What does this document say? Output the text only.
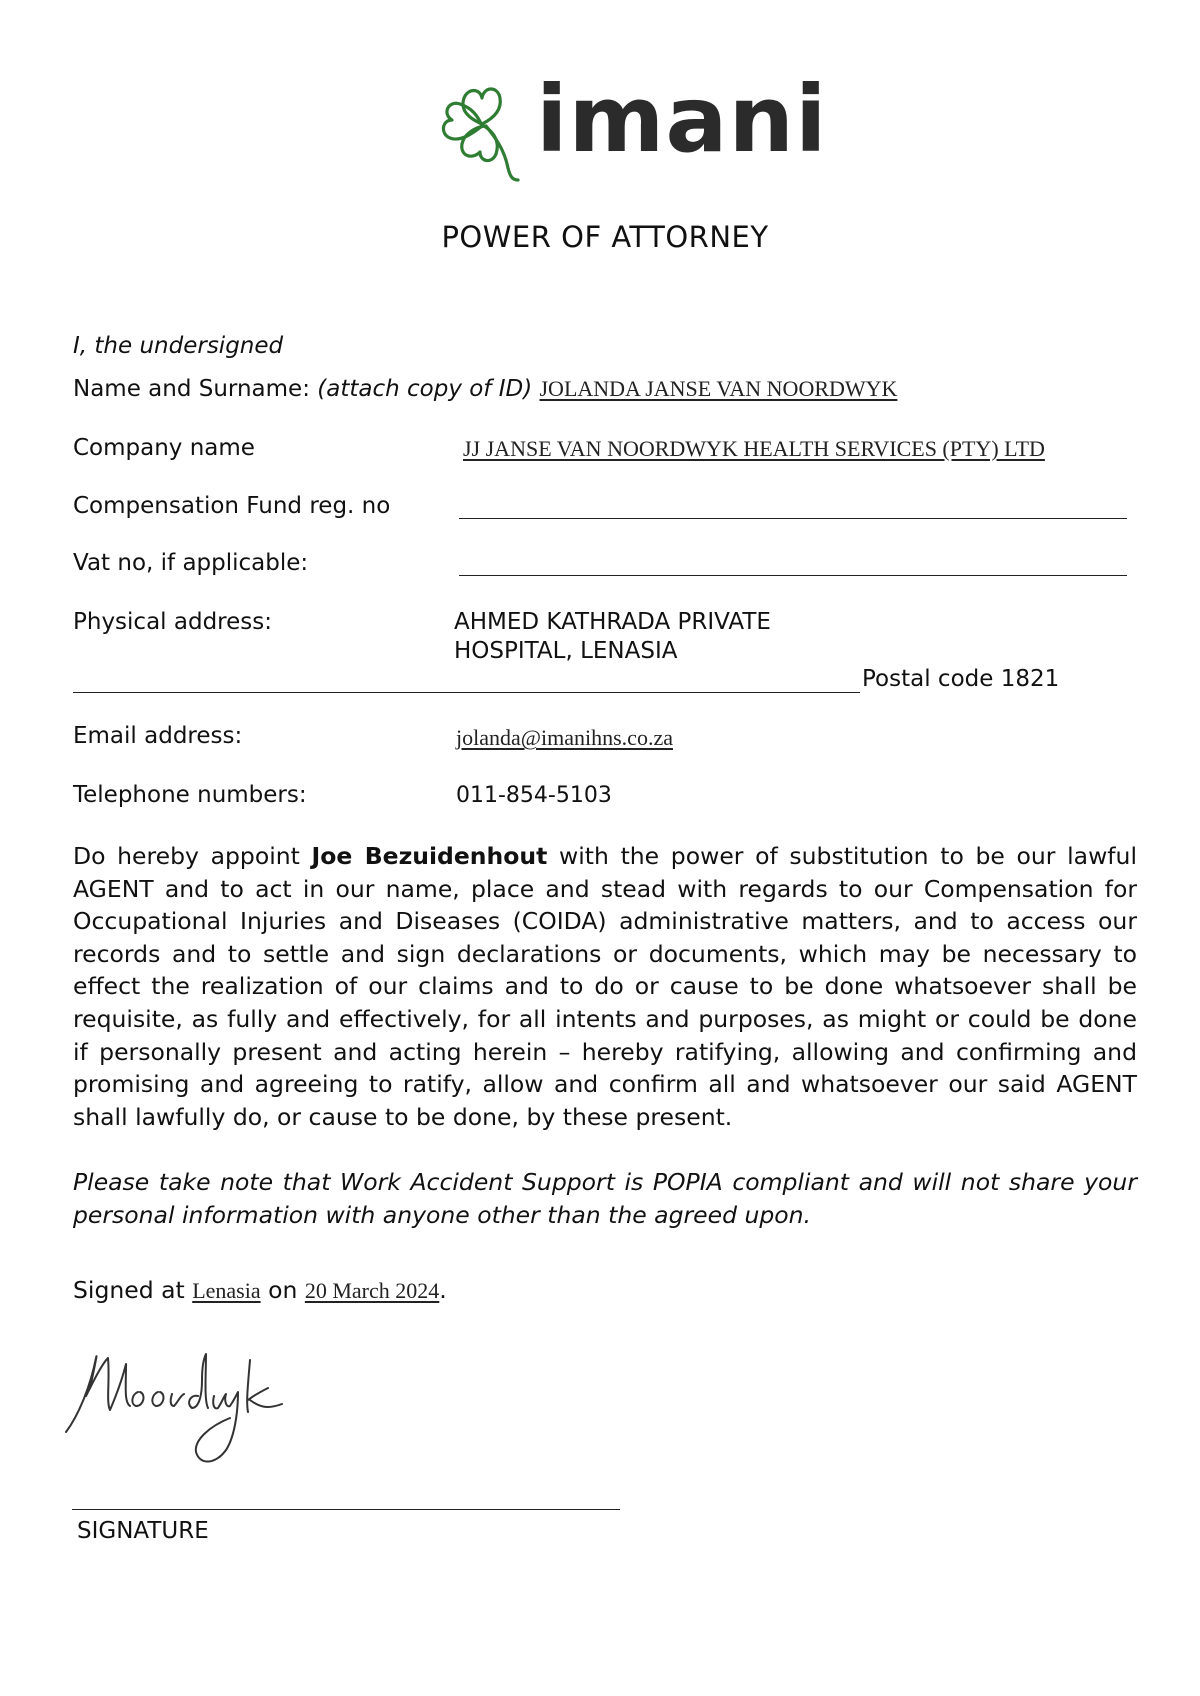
imani
POWER OF ATTORNEY
I, the undersigned
Name and Surname: (attach copy of ID) JOLANDA JANSE VAN NOORDWYK
Company name	JJ JANSE VAN NOORDWYK HEALTH SERVICES (PTY) LTD
Compensation Fund reg. no
Vat no, if applicable:
Physical address:	AHMED KATHRADA PRIVATE
HOSPITAL, LENASIA
Postal code 1821
Email address:	jolanda@imanihns.co.za
Telephone numbers:	011-854-5103
Do hereby appoint Joe Bezuidenhout with the power of substitution to be our lawful AGENT and to act in our name, place and stead with regards to our Compensation for Occupational Injuries and Diseases (COIDA) administrative matters, and to access our records and to settle and sign declarations or documents, which may be necessary to effect the realization of our claims and to do or cause to be done whatsoever shall be requisite, as fully and effectively, for all intents and purposes, as might or could be done if personally present and acting herein – hereby ratifying, allowing and confirming and promising and agreeing to ratify, allow and confirm all and whatsoever our said AGENT shall lawfully do, or cause to be done, by these present.
Please take note that Work Accident Support is POPIA compliant and will not share your personal information with anyone other than the agreed upon.
Signed at Lenasia on 20 March 2024.
SIGNATURE
